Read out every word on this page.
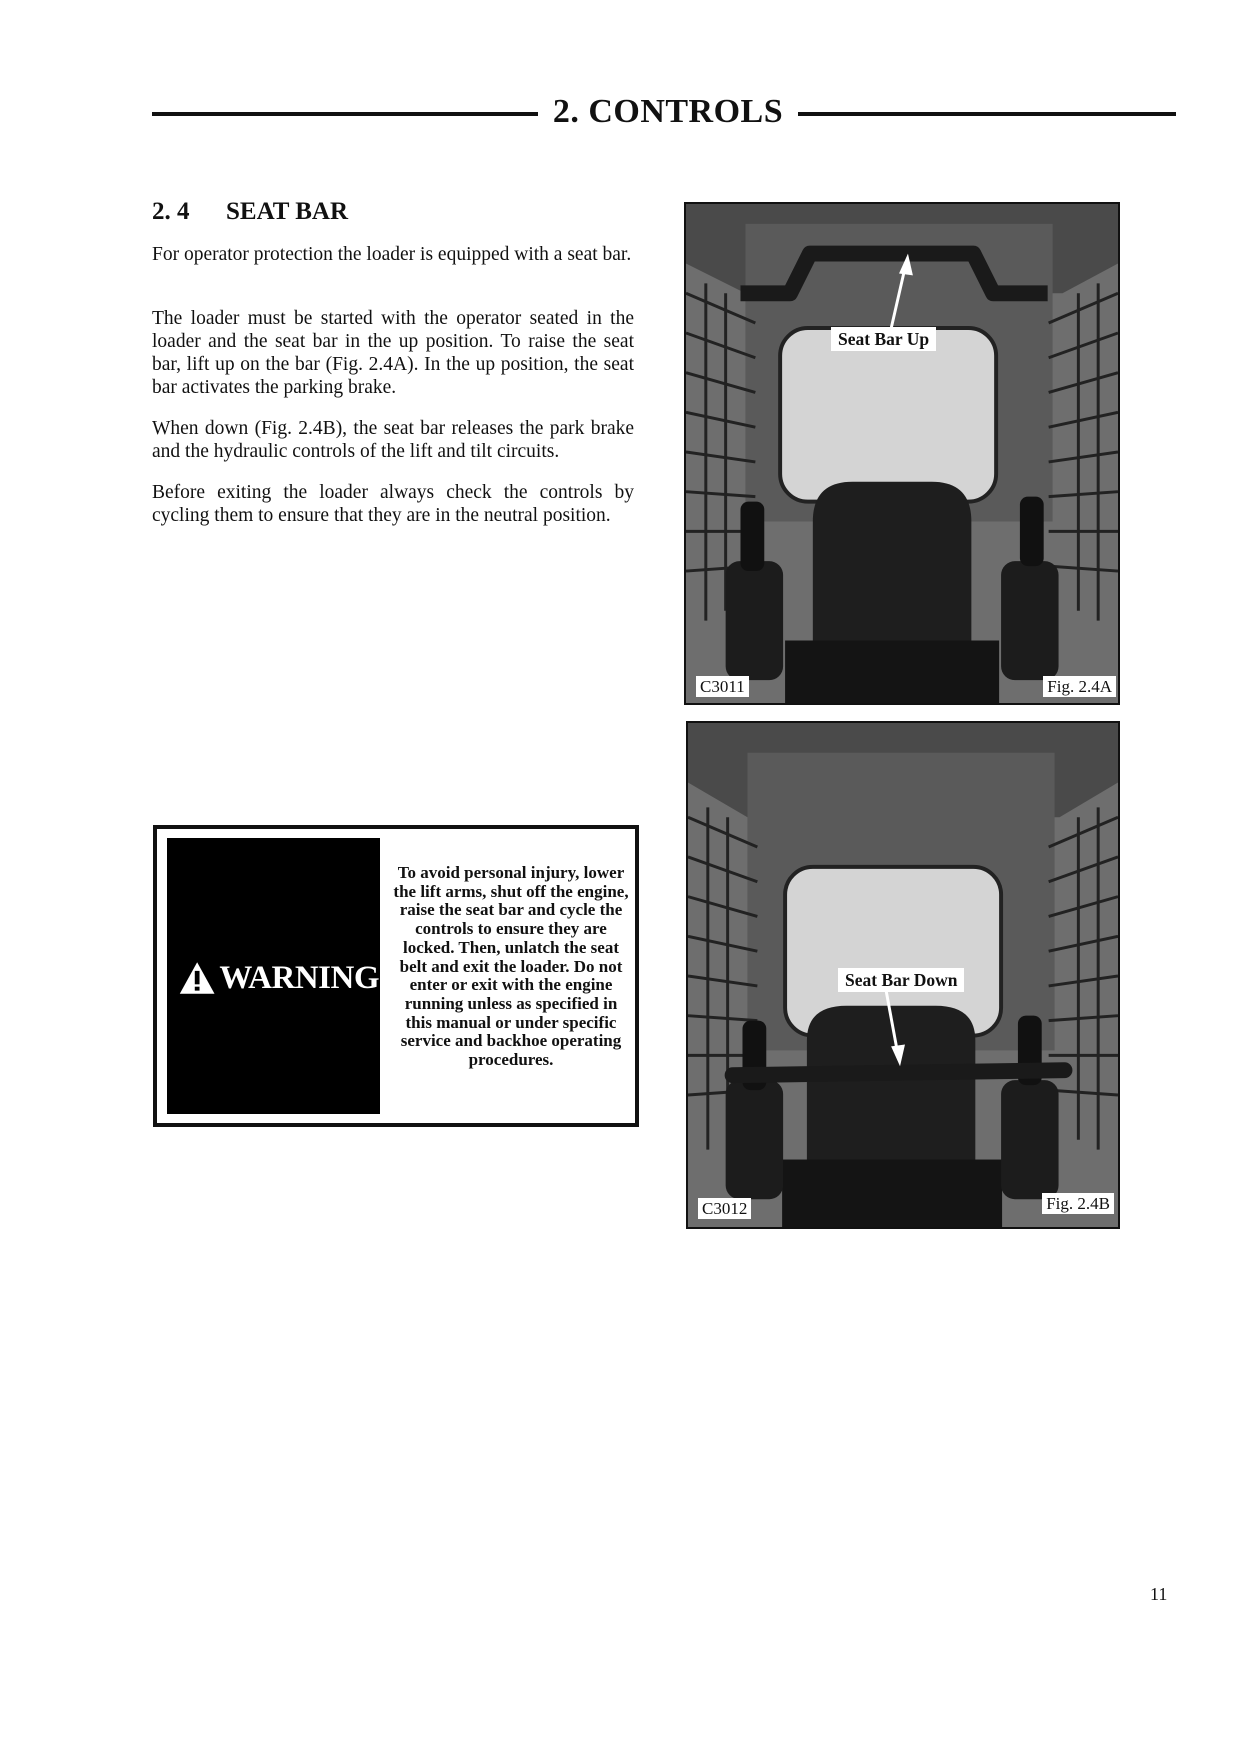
2. CONTROLS
2. 4 SEAT BAR

For operator protection the loader is equipped with a seat bar.

The loader must be started with the operator seated in the loader and the seat bar in the up position. To raise the seat bar, lift up on the bar (Fig. 2.4A). In the up position, the seat bar activates the parking brake.

When down (Fig. 2.4B), the seat bar releases the park brake and the hydraulic controls of the lift and tilt circuits.

Before exiting the loader always check the controls by cycling them to ensure that they are in the neutral position.

WARNING
To avoid personal injury, lower the lift arms, shut off the engine, raise the seat bar and cycle the controls to ensure they are locked. Then, unlatch the seat belt and exit the loader. Do not enter or exit with the engine running unless as specified in this manual or under specific service and backhoe operating procedures.
Seat Bar Up
C3011	Fig. 2.4A
Seat Bar Down
C3012	Fig. 2.4B
11
